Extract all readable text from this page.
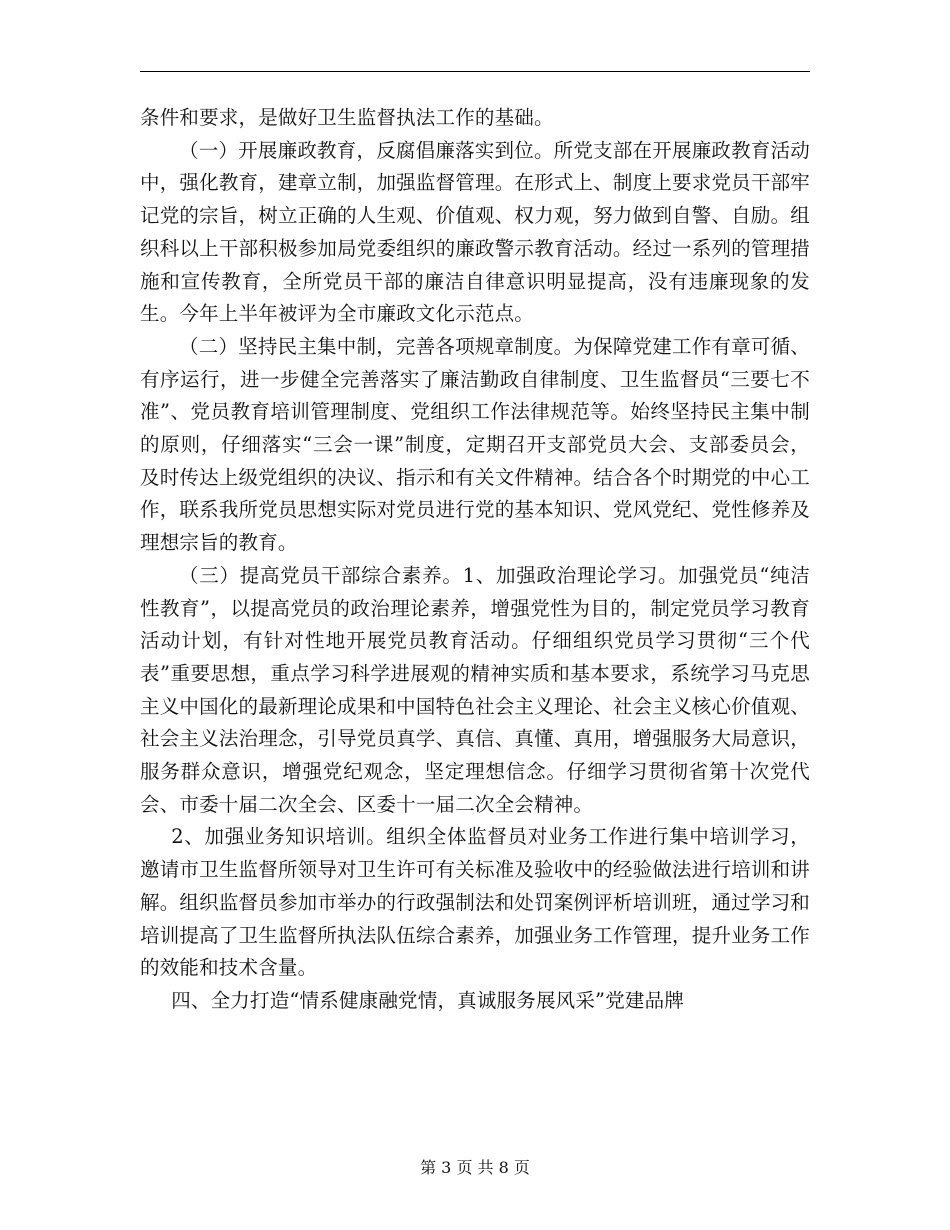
条件和要求，是做好卫生监督执法工作的基础。

（一）开展廉政教育，反腐倡廉落实到位。所党支部在开展廉政教育活动中，强化教育，建章立制，加强监督管理。在形式上、制度上要求党员干部牢记党的宗旨，树立正确的人生观、价值观、权力观，努力做到自警、自励。组织科以上干部积极参加局党委组织的廉政警示教育活动。经过一系列的管理措施和宣传教育，全所党员干部的廉洁自律意识明显提高，没有违廉现象的发生。今年上半年被评为全市廉政文化示范点。

（二）坚持民主集中制，完善各项规章制度。为保障党建工作有章可循、有序运行，进一步健全完善落实了廉洁勤政自律制度、卫生监督员“三要七不准”、党员教育培训管理制度、党组织工作法律规范等。始终坚持民主集中制的原则，仔细落实“三会一课”制度，定期召开支部党员大会、支部委员会，及时传达上级党组织的决议、指示和有关文件精神。结合各个时期党的中心工作，联系我所党员思想实际对党员进行党的基本知识、党风党纪、党性修养及理想宗旨的教育。

（三）提高党员干部综合素养。1、加强政治理论学习。加强党员“纯洁性教育”，以提高党员的政治理论素养，增强党性为目的，制定党员学习教育活动计划，有针对性地开展党员教育活动。仔细组织党员学习贯彻“三个代表”重要思想，重点学习科学进展观的精神实质和基本要求，系统学习马克思主义中国化的最新理论成果和中国特色社会主义理论、社会主义核心价值观、社会主义法治理念，引导党员真学、真信、真懂、真用，增强服务大局意识，服务群众意识，增强党纪观念，坚定理想信念。仔细学习贯彻省第十次党代会、市委十届二次全会、区委十一届二次全会精神。

2、加强业务知识培训。组织全体监督员对业务工作进行集中培训学习，邀请市卫生监督所领导对卫生许可有关标准及验收中的经验做法进行培训和讲解。组织监督员参加市举办的行政强制法和处罚案例评析培训班，通过学习和培训提高了卫生监督所执法队伍综合素养，加强业务工作管理，提升业务工作的效能和技术含量。

四、全力打造“情系健康融党情，真诚服务展风采”党建品牌

第 3 页 共 8 页
